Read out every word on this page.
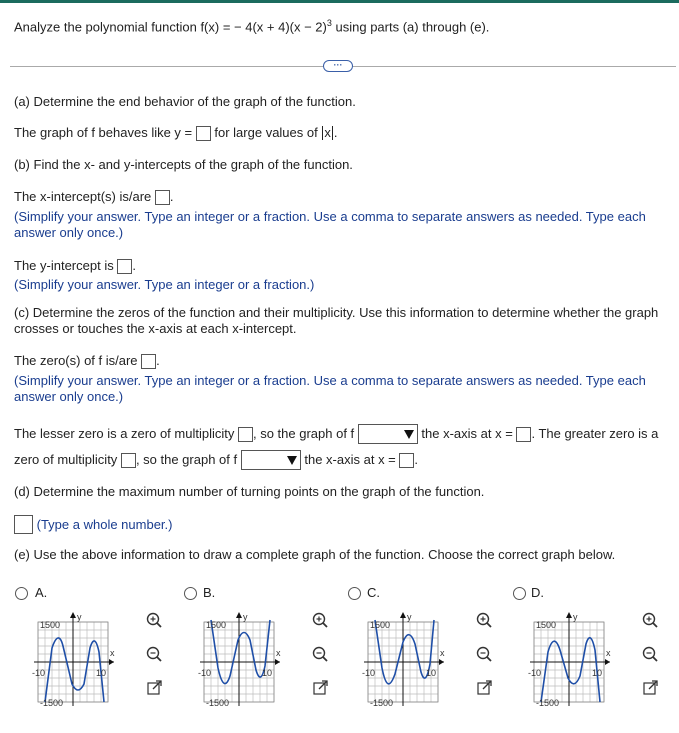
Analyze the polynomial function f(x) = − $4(x + 4)(x - 2)^3$ using parts (a) through (e).
···
(a) Determine the end behavior of the graph of the function.
The graph of f behaves like y = for large values of x .
(b) Find the x- and y-intercepts of the graph of the function.
The x-intercept(s) is/are .
(Simplify your answer. Type an integer or a fraction. Use a comma to separate answers as needed. Type each
answer only once.)
The y-intercept is .
(Simplify your answer. Type an integer or a fraction.)
(c) Determine the zeros of the function and their multiplicity. Use this information to determine whether the graph
crosses or touches the x-axis at each x-intercept.
The zero(s) of f is/are .
(Simplify your answer. Type an integer or a fraction. Use a comma to separate answers as needed. Type each
answer only once.)
The lesser zero is a zero of multiplicity , so the graph of f	the x-axis at x = . The greater zero is a
zero of multiplicity , so the graph of f	the x-axis at x = .
(d) Determine the maximum number of turning points on the graph of the function.
(Type a whole number.)
(e) Use the above information to draw a complete graph of the function. Choose the correct graph below.
A.	B.	C.	D.
1500
-1500
-10	10
x
y
1500
-1500
-10	10
x
y
1500
-1500
-10	10
x
y
1500
-1500
-10	10
x
y
